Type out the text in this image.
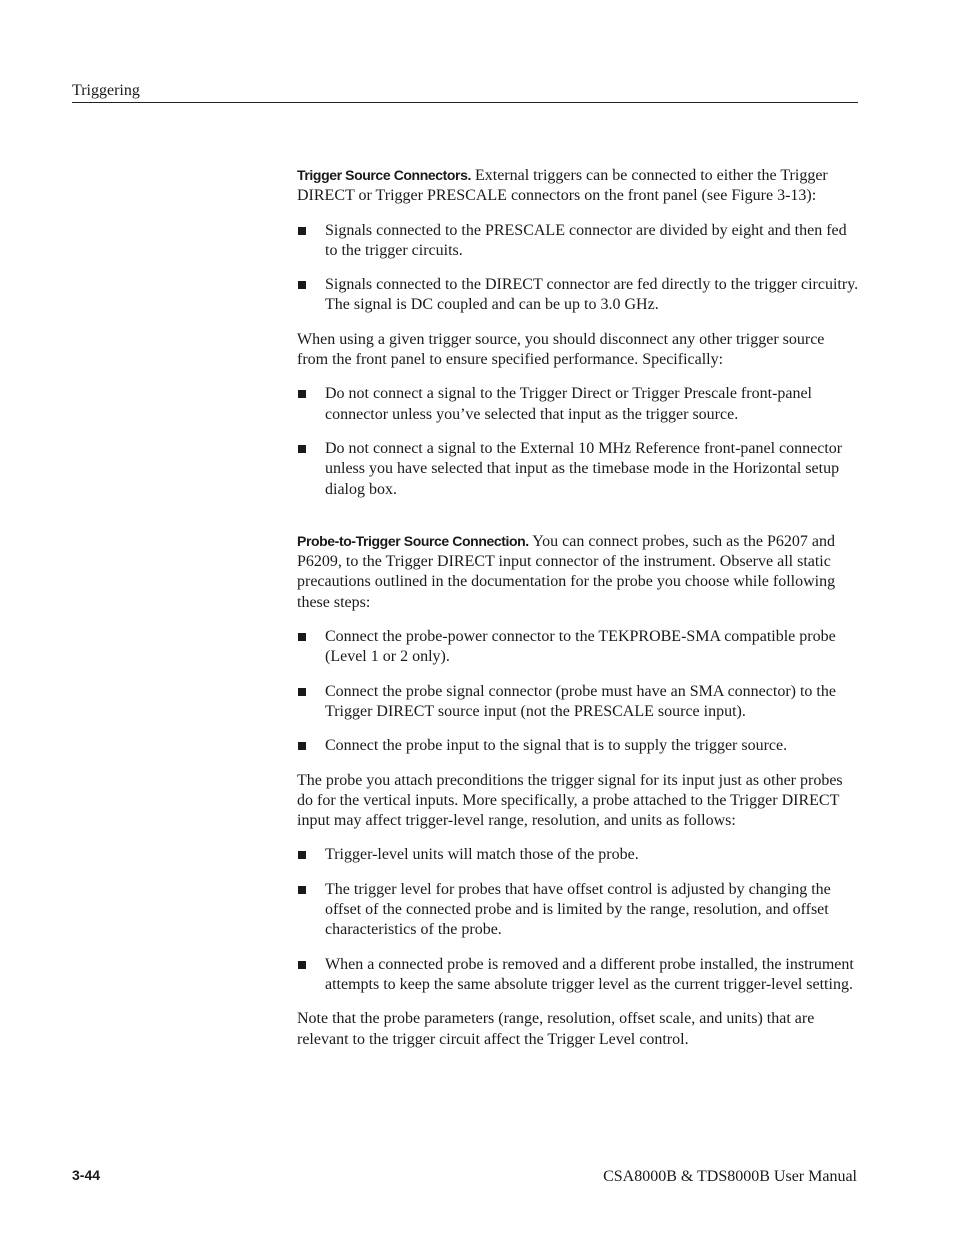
Triggering

Trigger Source Connectors. External triggers can be connected to either the Trigger DIRECT or Trigger PRESCALE connectors on the front panel (see Figure 3-13):

Signals connected to the PRESCALE connector are divided by eight and then fed to the trigger circuits.
Signals connected to the DIRECT connector are fed directly to the trigger circuitry. The signal is DC coupled and can be up to 3.0 GHz.

When using a given trigger source, you should disconnect any other trigger source from the front panel to ensure specified performance. Specifically:

Do not connect a signal to the Trigger Direct or Trigger Prescale front-panel connector unless you’ve selected that input as the trigger source.
Do not connect a signal to the External 10 MHz Reference front-panel connector unless you have selected that input as the timebase mode in the Horizontal setup dialog box.

Probe-to-Trigger Source Connection. You can connect probes, such as the P6207 and P6209, to the Trigger DIRECT input connector of the instrument. Observe all static precautions outlined in the documentation for the probe you choose while following these steps:

Connect the probe-power connector to the TEKPROBE-SMA compatible probe (Level 1 or 2 only).
Connect the probe signal connector (probe must have an SMA connector) to the Trigger DIRECT source input (not the PRESCALE source input).
Connect the probe input to the signal that is to supply the trigger source.

The probe you attach preconditions the trigger signal for its input just as other probes do for the vertical inputs. More specifically, a probe attached to the Trigger DIRECT input may affect trigger-level range, resolution, and units as follows:

Trigger-level units will match those of the probe.
The trigger level for probes that have offset control is adjusted by changing the offset of the connected probe and is limited by the range, resolution, and offset characteristics of the probe.
When a connected probe is removed and a different probe installed, the instrument attempts to keep the same absolute trigger level as the current trigger-level setting.

Note that the probe parameters (range, resolution, offset scale, and units) that are relevant to the trigger circuit affect the Trigger Level control.

3-44	CSA8000B & TDS8000B User Manual
